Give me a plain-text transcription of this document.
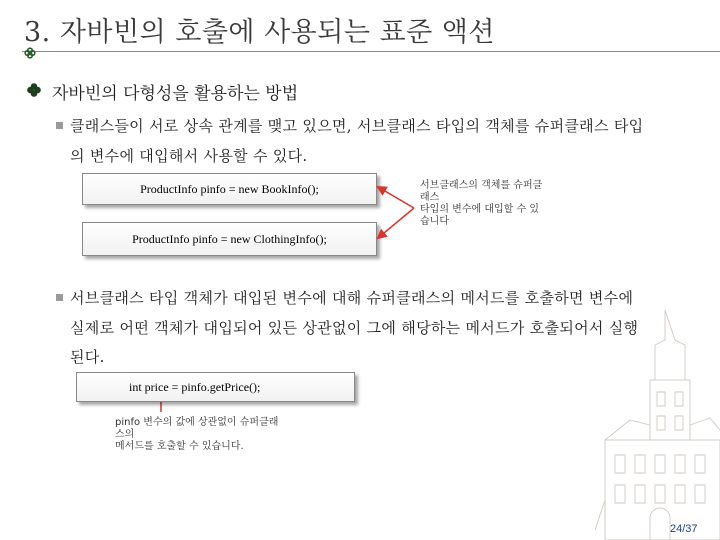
3. 자바빈의 호출에 사용되는 표준 액션
자바빈의 다형성을 활용하는 방법
클래스들이 서로 상속 관계를 맺고 있으면, 서브클래스 타입의 객체를 슈퍼클래스 타입
의 변수에 대입해서 사용할 수 있다.
ProductInfo pinfo = new BookInfo();
ProductInfo pinfo = new ClothingInfo();
서브클래스의 객체를 슈퍼클
래스
타입의 변수에 대입할 수 있
습니다
서브클래스 타입 객체가 대입된 변수에 대해 슈퍼클래스의 메서드를 호출하면 변수에
실제로 어떤 객체가 대입되어 있든 상관없이 그에 해당하는 메서드가 호출되어서 실행
된다.
int price = pinfo.getPrice();
pinfo 변수의 값에 상관없이 슈퍼클래
스의
메서드를 호출할 수 있습니다.
24/37
